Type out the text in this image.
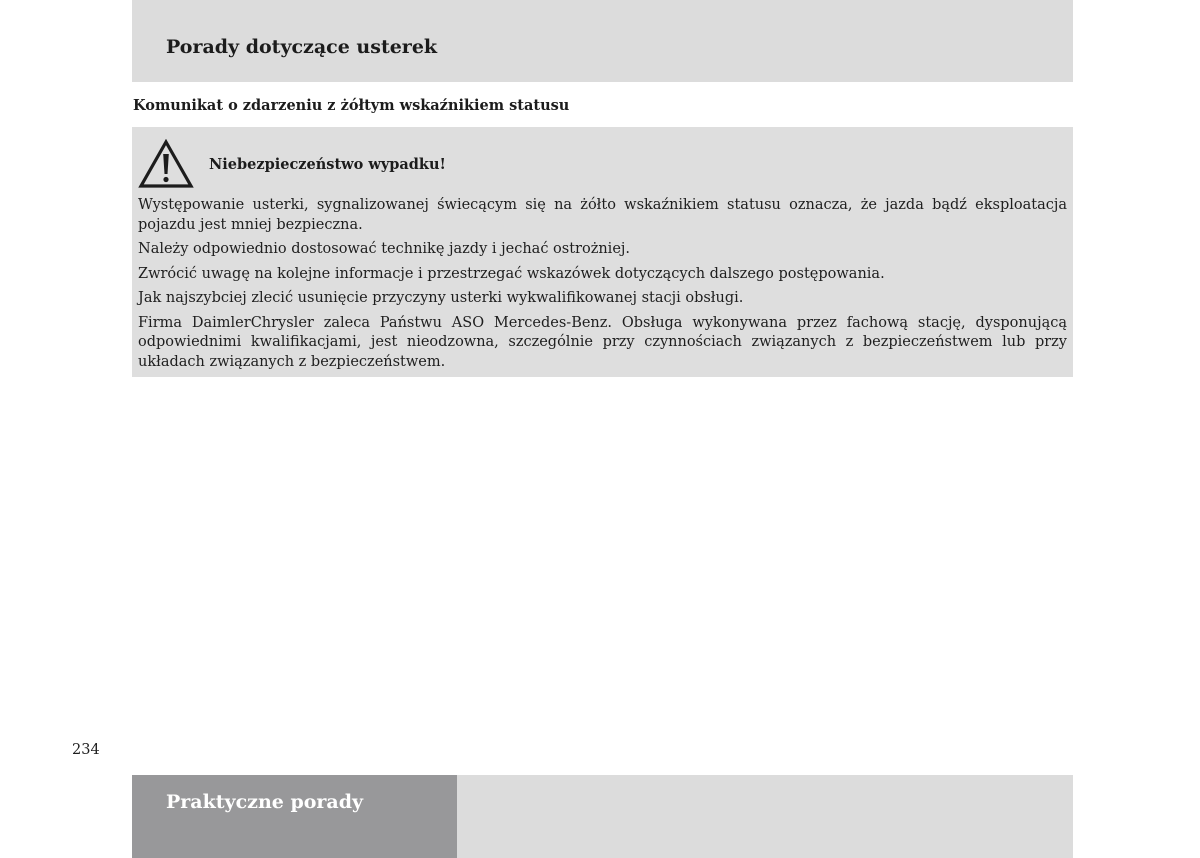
Porady dotyczące usterek
Komunikat o zdarzeniu z żółtym wskaźnikiem statusu
Niebezpieczeństwo wypadku!

Występowanie usterki, sygnalizowanej świecącym się na żółto wskaźnikiem statusu oznacza, że jazda bądź eksploatacja pojazdu jest mniej bezpieczna.

Należy odpowiednio dostosować technikę jazdy i jechać ostrożniej.

Zwrócić uwagę na kolejne informacje i przestrzegać wskazówek dotyczących dalszego postępowania.

Jak najszybciej zlecić usunięcie przyczyny usterki wykwalifikowanej stacji obsługi.

Firma DaimlerChrysler zaleca Państwu ASO Mercedes-Benz. Obsługa wykonywana przez fachową stację, dysponującą odpowiednimi kwalifikacjami, jest nieodzowna, szczególnie przy czynnościach związanych z bezpieczeństwem lub przy układach związanych z bezpieczeństwem.

234
Praktyczne porady
